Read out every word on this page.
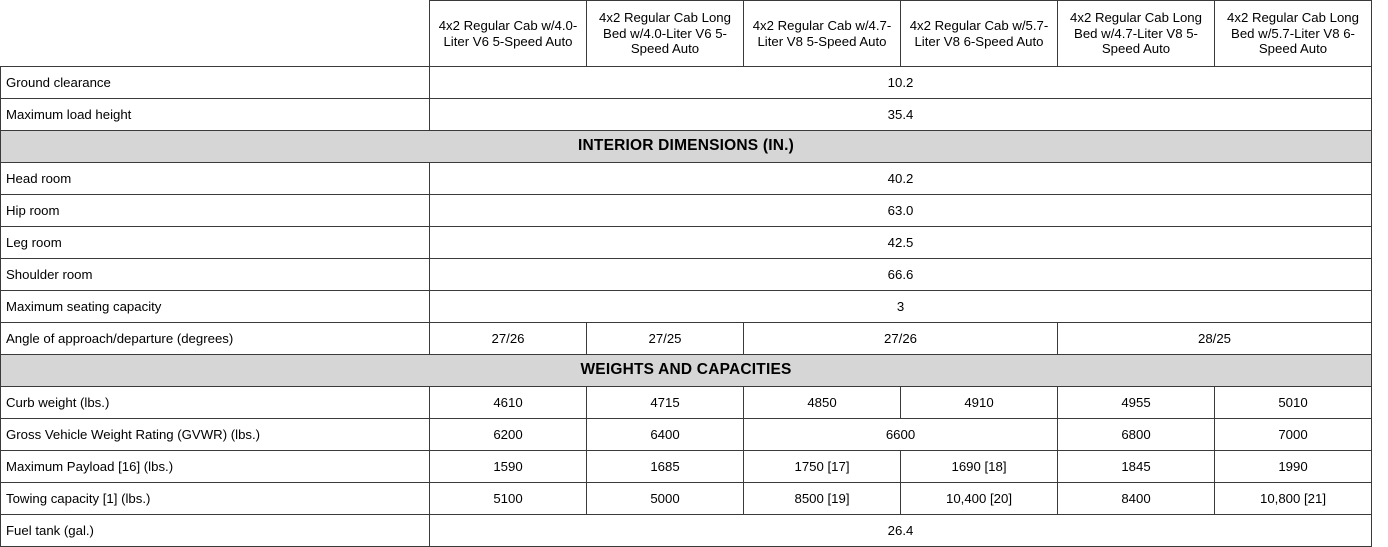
	4x2 Regular Cab w/4.0-Liter V6 5-Speed Auto	4x2 Regular Cab Long Bed w/4.0-Liter V6 5-Speed Auto	4x2 Regular Cab w/4.7-Liter V8 5-Speed Auto	4x2 Regular Cab w/5.7-Liter V8 6-Speed Auto	4x2 Regular Cab Long Bed w/4.7-Liter V8 5-Speed Auto	4x2 Regular Cab Long Bed w/5.7-Liter V8 6-Speed Auto
Ground clearance	10.2					
Maximum load height	35.4					
INTERIOR DIMENSIONS (IN.)						
Head room	40.2					
Hip room	63.0					
Leg room	42.5					
Shoulder room	66.6					
Maximum seating capacity	3					
Angle of approach/departure (degrees)	27/26	27/25	27/26		28/25	
WEIGHTS AND CAPACITIES						
Curb weight (lbs.)	4610	4715	4850	4910	4955	5010
Gross Vehicle Weight Rating (GVWR) (lbs.)	6200	6400	6600		6800	7000
Maximum Payload [16] (lbs.)	1590	1685	1750 [17]	1690 [18]	1845	1990
Towing capacity [1] (lbs.)	5100	5000	8500 [19]	10,400 [20]	8400	10,800 [21]
Fuel tank (gal.)	26.4					
